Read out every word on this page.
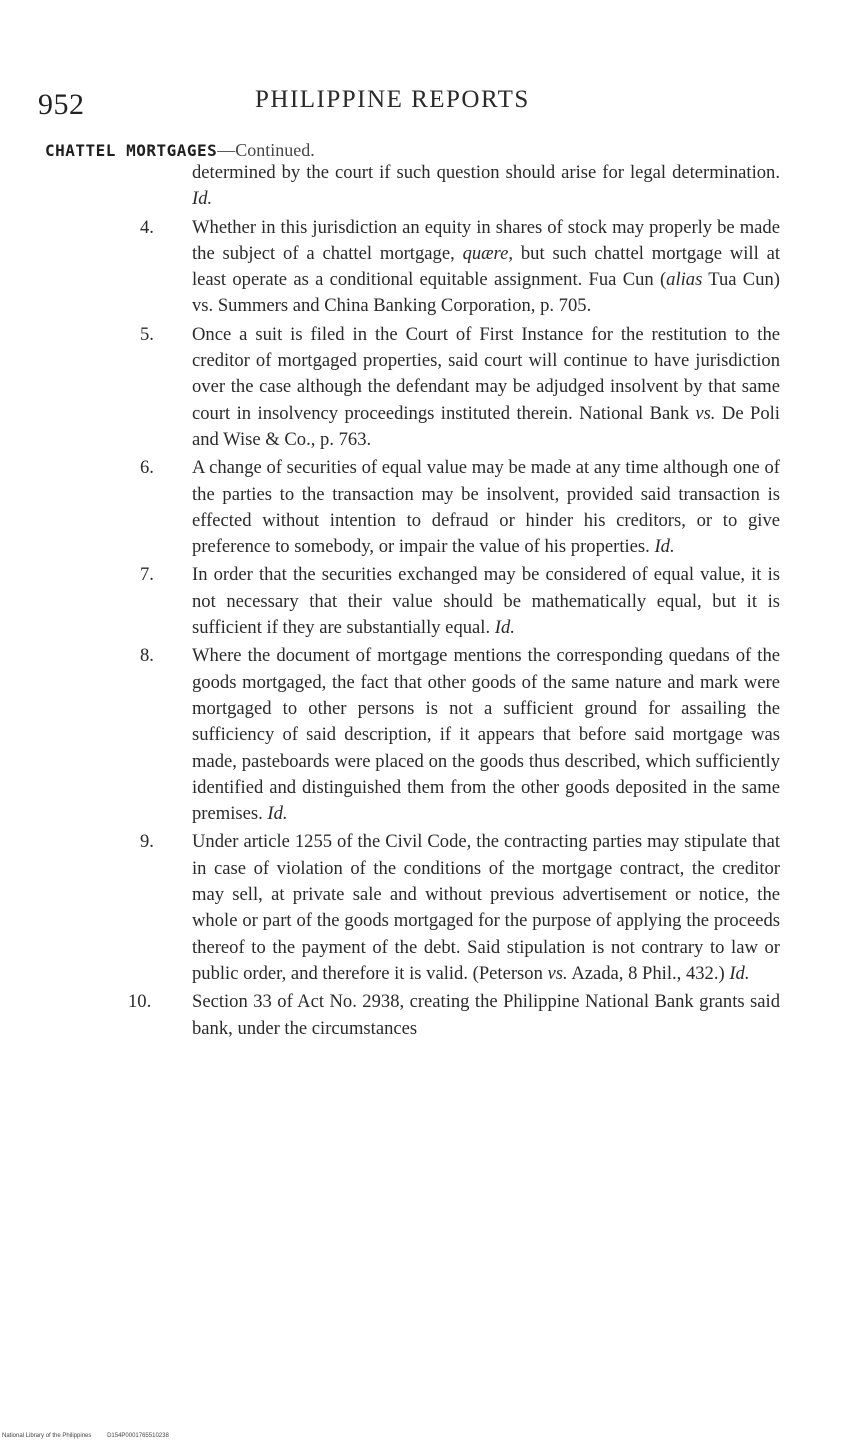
952	PHILIPPINE REPORTS
CHATTEL MORTGAGES—Continued.
determined by the court if such question should arise for legal determination. Id.
4.	Whether in this jurisdiction an equity in shares of stock may properly be made the subject of a chattel mortgage, quære, but such chattel mortgage will at least operate as a conditional equitable assignment. Fua Cun (alias Tua Cun) vs. Summers and China Banking Corporation, p. 705.
5.	Once a suit is filed in the Court of First Instance for the restitution to the creditor of mortgaged properties, said court will continue to have jurisdiction over the case although the defendant may be adjudged insolvent by that same court in insolvency proceedings instituted therein. National Bank vs. De Poli and Wise & Co., p. 763.
6.	A change of securities of equal value may be made at any time although one of the parties to the transaction may be insolvent, provided said transaction is effected without intention to defraud or hinder his creditors, or to give preference to somebody, or impair the value of his properties. Id.
7.	In order that the securities exchanged may be considered of equal value, it is not necessary that their value should be mathematically equal, but it is sufficient if they are substantially equal. Id.
8.	Where the document of mortgage mentions the corresponding quedans of the goods mortgaged, the fact that other goods of the same nature and mark were mortgaged to other persons is not a sufficient ground for assailing the sufficiency of said description, if it appears that before said mortgage was made, pasteboards were placed on the goods thus described, which sufficiently identified and distinguished them from the other goods deposited in the same premises. Id.
9.	Under article 1255 of the Civil Code, the contracting parties may stipulate that in case of violation of the conditions of the mortgage contract, the creditor may sell, at private sale and without previous advertisement or notice, the whole or part of the goods mortgaged for the purpose of applying the proceeds thereof to the payment of the debt. Said stipulation is not contrary to law or public order, and therefore it is valid. (Peterson vs. Azada, 8 Phil., 432.) Id.
10.	Section 33 of Act No. 2938, creating the Philippine National Bank grants said bank, under the circumstances
National Library of the Philippines	D154P0001765510238
